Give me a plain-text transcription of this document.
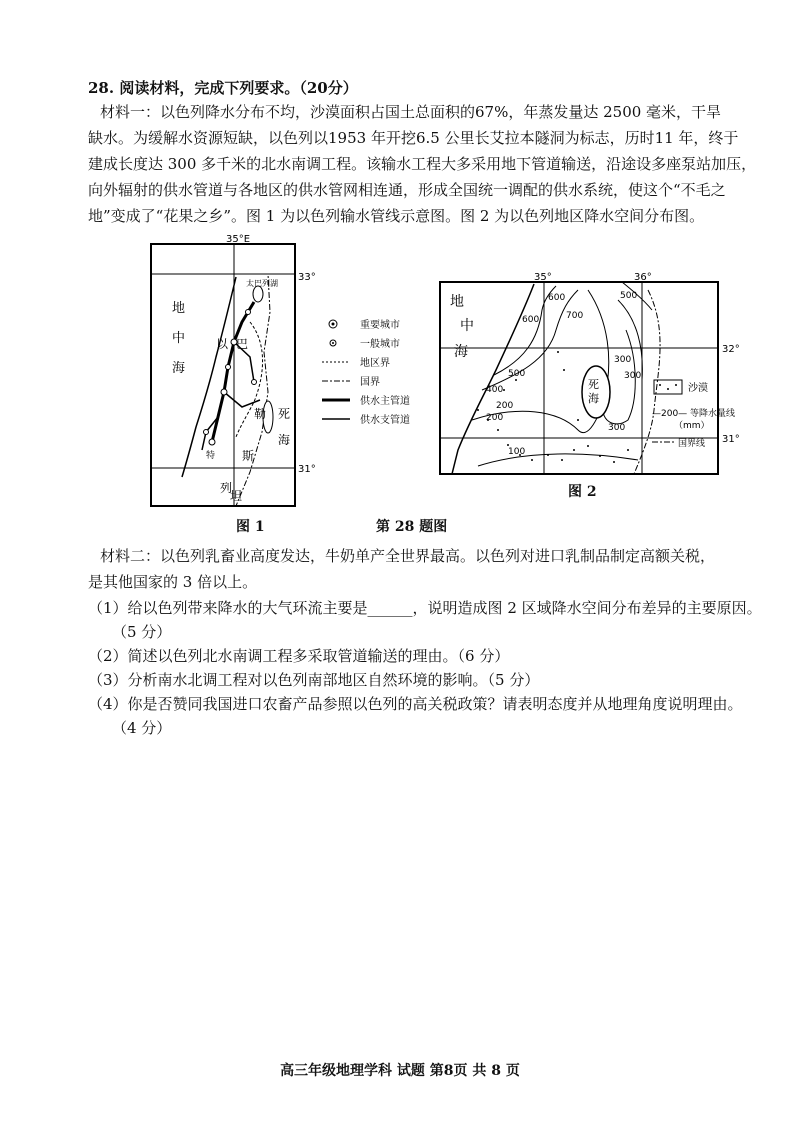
28. 阅读材料，完成下列要求。（20分）
材料一：以色列降水分布不均，沙漠面积占国土总面积的67%，年蒸发量达 2500 毫米，干旱
缺水。为缓解水资源短缺，以色列以1953 年开挖6.5 公里长艾拉本隧洞为标志，历时11 年，终于
建成长度达 300 多千米的北水南调工程。该输水工程大多采用地下管道输送，沿途设多座泵站加压，
向外辐射的供水管道与各地区的供水管网相连通，形成全国统一调配的供水系统，使这个“不毛之
地”变成了“花果之乡”。图 1 为以色列输水管线示意图。图 2 为以色列地区降水空间分布图。
35°E
33°
31°
太巴列湖
地
中
海
以 巴
勒
斯
坦
列
死
海
特
重要城市
一般城市
地区界
国界
供水主管道
供水支管道
35°	36°
32°
31°
地
中
海
死
海
500
600
700
600
500
400
300
200
300
200
300
100
沙漠
—200— 等降水量线
（mm）
国界线
图 1
图 2
第 28 题图
材料二：以色列乳畜业高度发达，牛奶单产全世界最高。以色列对进口乳制品制定高额关税，
是其他国家的 3 倍以上。
（1）给以色列带来降水的大气环流主要是______，说明造成图 2 区域降水空间分布差异的主要原因。
（5 分）
（2）简述以色列北水南调工程多采取管道输送的理由。（6 分）
（3）分析南水北调工程对以色列南部地区自然环境的影响。（5 分）
（4）你是否赞同我国进口农畜产品参照以色列的高关税政策？请表明态度并从地理角度说明理由。
（4 分）
高三年级地理学科 试题 第8页 共 8 页
